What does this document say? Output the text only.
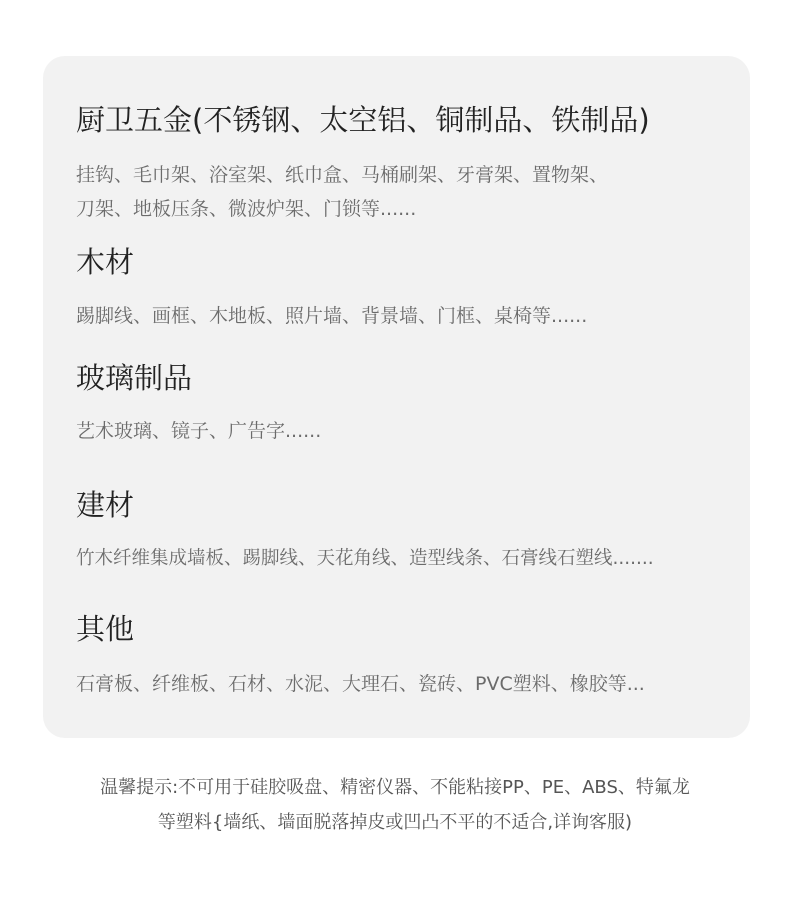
厨卫五金(不锈钢、太空铝、铜制品、铁制品)
挂钩、毛巾架、浴室架、纸巾盒、马桶刷架、牙膏架、置物架、
刀架、地板压条、微波炉架、门锁等......
木材
踢脚线、画框、木地板、照片墙、背景墙、门框、桌椅等......
玻璃制品
艺术玻璃、镜子、广告字......
建材
竹木纤维集成墙板、踢脚线、天花角线、造型线条、石膏线石塑线.......
其他
石膏板、纤维板、石材、水泥、大理石、瓷砖、PVC塑料、橡胶等...

温馨提示:不可用于硅胶吸盘、精密仪器、不能粘接PP、PE、ABS、特氟龙

等塑料{墙纸、墙面脱落掉皮或凹凸不平的不适合,详询客服)
